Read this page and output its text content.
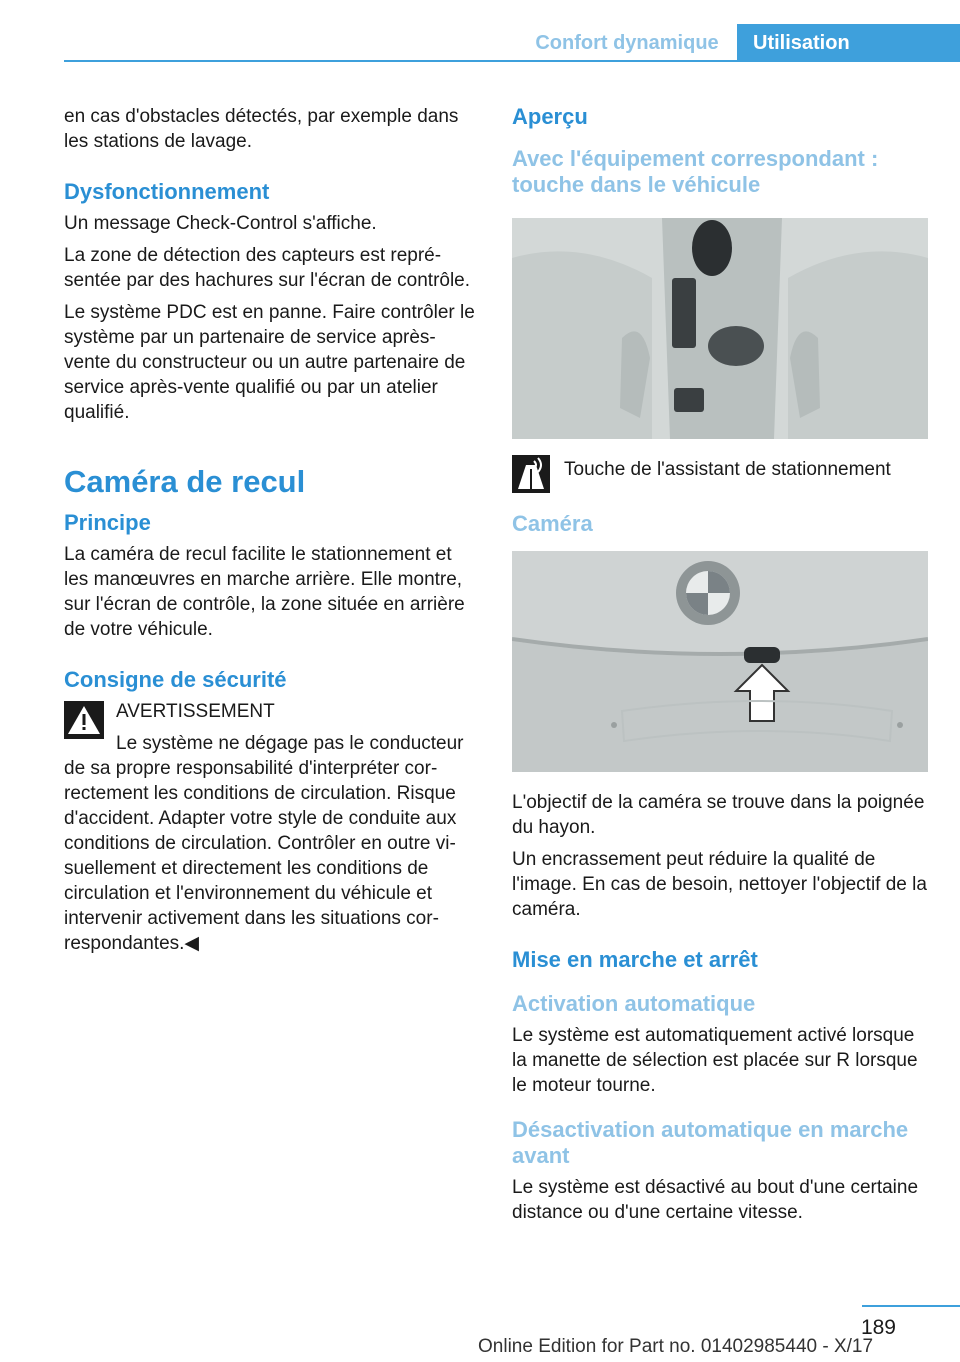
Confort dynamique	Utilisation

en cas d'obstacles détectés, par exemple dans les stations de lavage.

Dysfonctionnement

Un message Check-Control s'affiche.

La zone de détection des capteurs est représentée par des hachures sur l'écran de contrôle.

Le système PDC est en panne. Faire contrôler le système par un partenaire de service après-vente du constructeur ou un autre partenaire de service après-vente qualifié ou par un atelier qualifié.

Caméra de recul
Principe

La caméra de recul facilite le stationnement et les manœuvres en marche arrière. Elle montre, sur l'écran de contrôle, la zone située en arrière de votre véhicule.

Consigne de sécurité

AVERTISSEMENT

Le système ne dégage pas le conducteur de sa propre responsabilité d'interpréter correctement les conditions de circulation. Risque d'accident. Adapter votre style de conduite aux conditions de circulation. Contrôler en outre visuellement et directement les conditions de circulation et l'environnement du véhicule et intervenir activement dans les situations correspondantes.◀

Aperçu
Avec l'équipement correspondant : touche dans le véhicule

Touche de l'assistant de stationnement

Caméra

L'objectif de la caméra se trouve dans la poignée du hayon.

Un encrassement peut réduire la qualité de l'image. En cas de besoin, nettoyer l'objectif de la caméra.

Mise en marche et arrêt
Activation automatique

Le système est automatiquement activé lorsque la manette de sélection est placée sur R lorsque le moteur tourne.

Désactivation automatique en marche avant

Le système est désactivé au bout d'une certaine distance ou d'une certaine vitesse.

189
Online Edition for Part no. 01402985440 - X/17
